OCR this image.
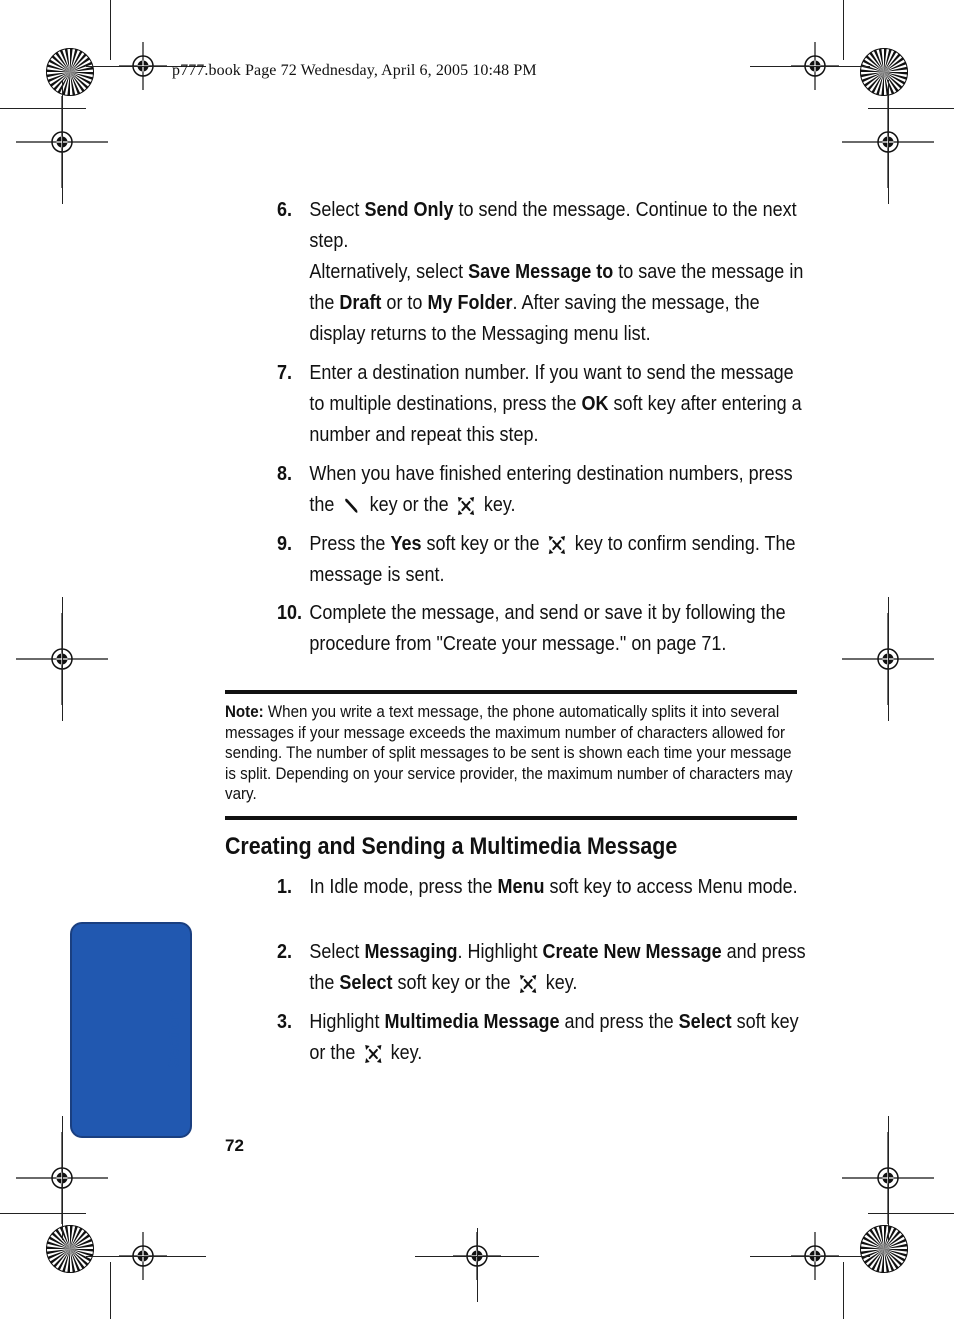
p777.book Page 72 Wednesday, April 6, 2005 10:48 PM
6. Select Send Only to send the message. Continue to the next step.
Alternatively, select Save Message to to save the message in the Draft or to My Folder. After saving the message, the display returns to the Messaging menu list.
7. Enter a destination number. If you want to send the message to multiple destinations, press the OK soft key after entering a number and repeat this step.
8. When you have finished entering destination numbers, press the  key or the  key.
9. Press the Yes soft key or the  key to confirm sending. The message is sent.
10. Complete the message, and send or save it by following the procedure from "Create your message." on page 71.
Note: When you write a text message, the phone automatically splits it into several messages if your message exceeds the maximum number of characters allowed for sending. The number of split messages to be sent is shown each time your message is split. Depending on your service provider, the maximum number of characters may vary.
Creating and Sending a Multimedia Message
1. In Idle mode, press the Menu soft key to access Menu mode.
2. Select Messaging. Highlight Create New Message and press the Select soft key or the  key.
3. Highlight Multimedia Message and press the Select soft key or the  key.
Section 7
72
